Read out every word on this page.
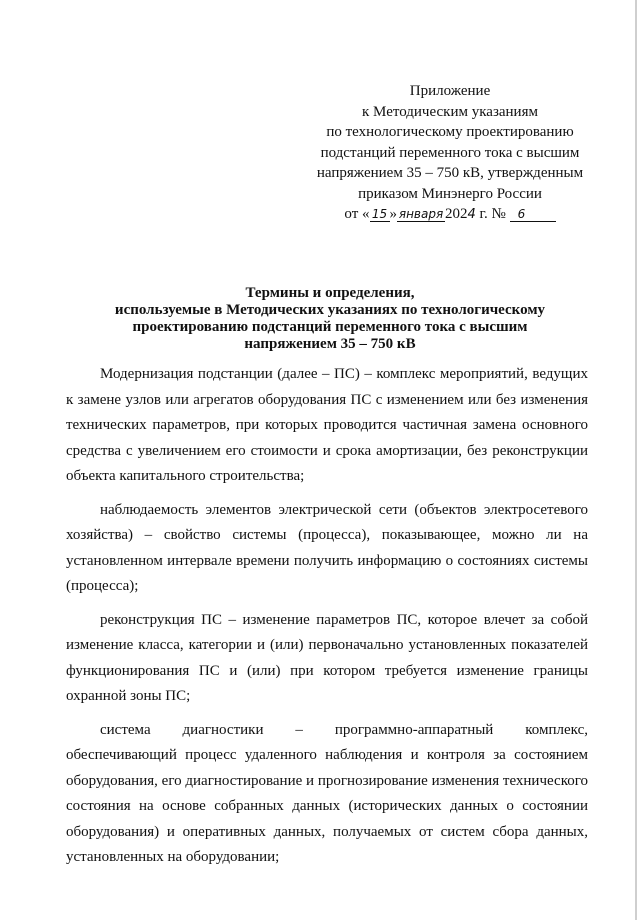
Приложение
к Методическим указаниям
по технологическому проектированию
подстанций переменного тока с высшим
напряжением 35 – 750 кВ, утвержденным
приказом Минэнерго России
от « 15 » января 2024 г. № 6
Термины и определения,
используемые в Методических указаниях по технологическому
проектированию подстанций переменного тока с высшим
напряжением 35 – 750 кВ

Модернизация подстанции (далее – ПС) – комплекс мероприятий, ведущих к замене узлов или агрегатов оборудования ПС с изменением или без изменения технических параметров, при которых проводится частичная замена основного средства с увеличением его стоимости и срока амортизации, без реконструкции объекта капитального строительства;

наблюдаемость элементов электрической сети (объектов электросетевого хозяйства) – свойство системы (процесса), показывающее, можно ли на установленном интервале времени получить информацию о состояниях системы (процесса);

реконструкция ПС – изменение параметров ПС, которое влечет за собой изменение класса, категории и (или) первоначально установленных показателей функционирования ПС и (или) при котором требуется изменение границы охранной зоны ПС;

система диагностики – программно-аппаратный комплекс, обеспечивающий процесс удаленного наблюдения и контроля за состоянием оборудования, его диагностирование и прогнозирование изменения технического состояния на основе собранных данных (исторических данных о состоянии оборудования) и оперативных данных, получаемых от систем сбора данных, установленных на оборудовании;
